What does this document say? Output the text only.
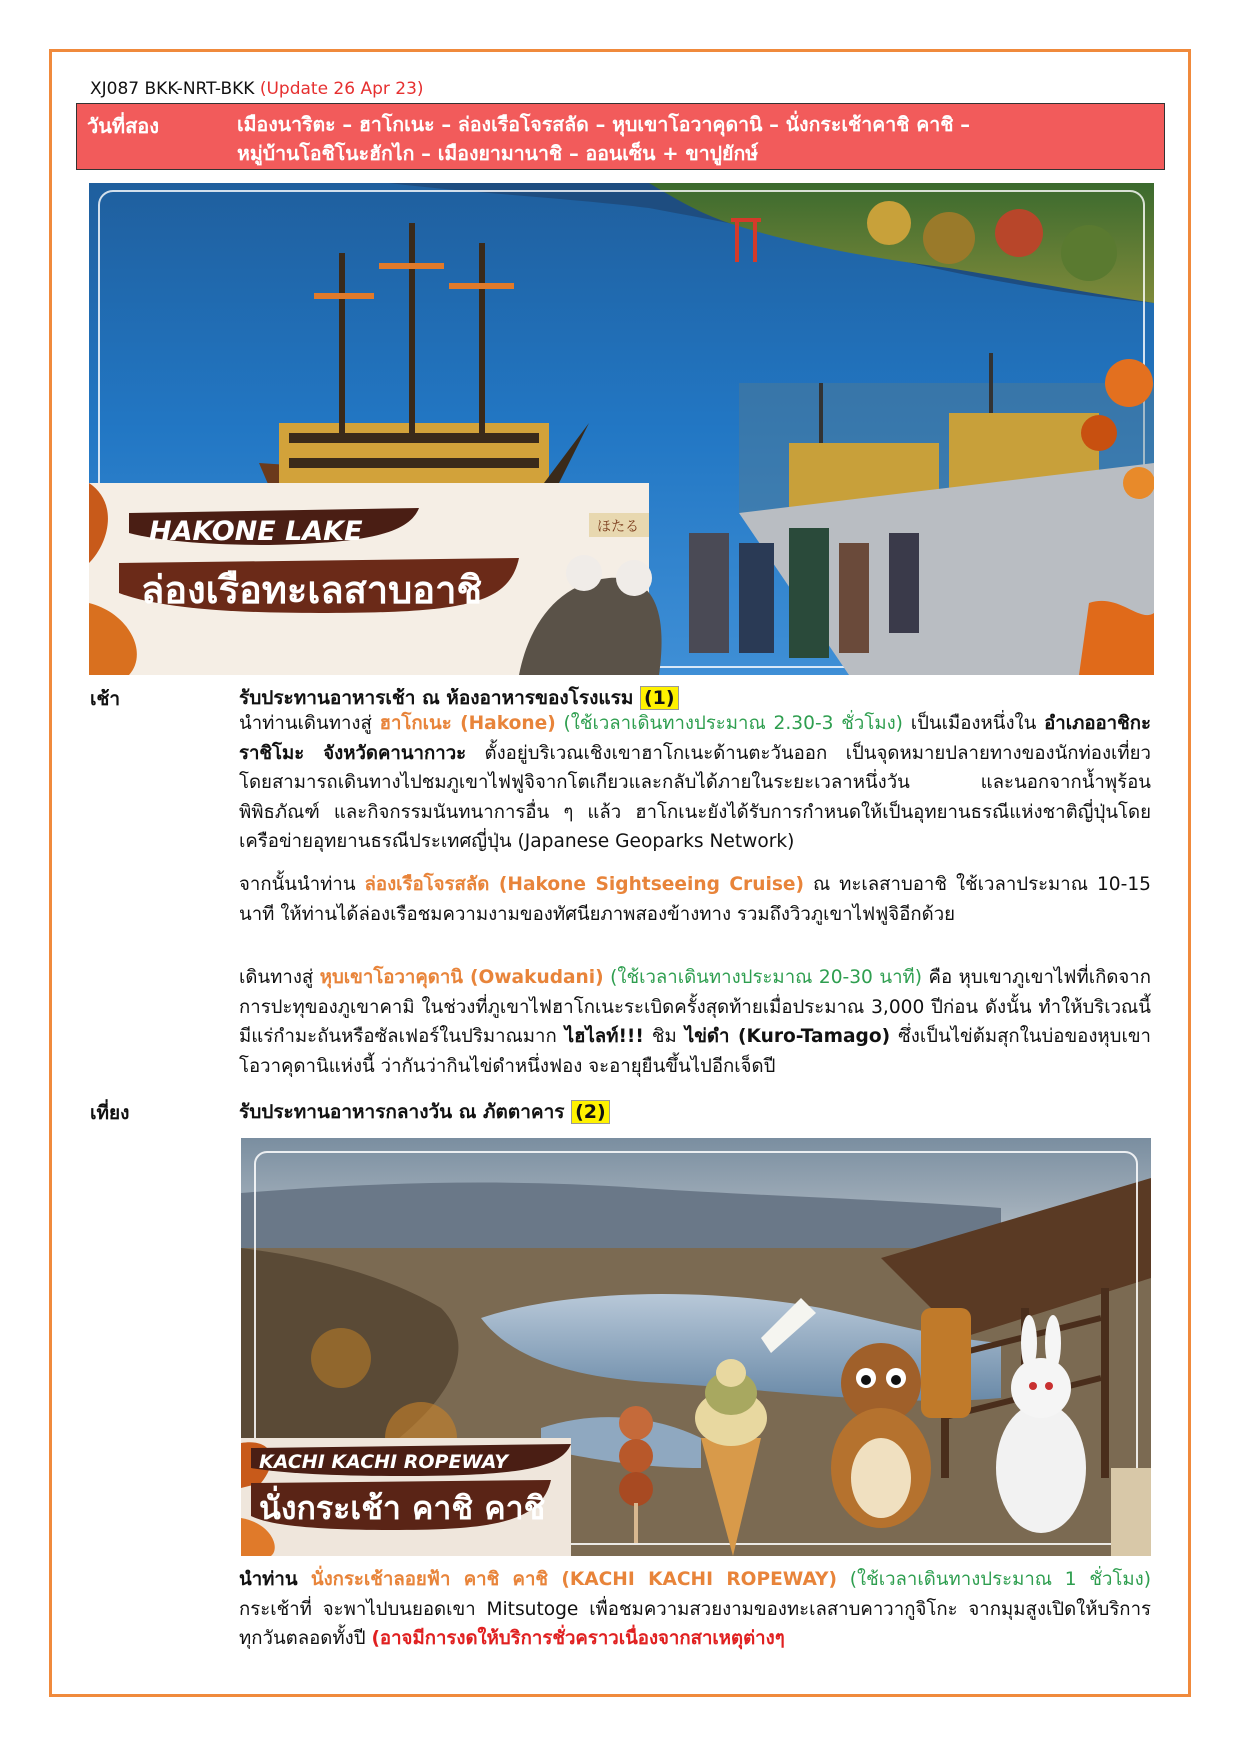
XJ087 BKK-NRT-BKK (Update 26 Apr 23)
วันที่สอง	เมืองนาริตะ – ฮาโกเนะ – ล่องเรือโจรสลัด – หุบเขาโอวาคุดานิ – นั่งกระเช้าคาชิ คาชิ –
หมู่บ้านโอชิโนะฮักไก – เมืองยามานาชิ – ออนเซ็น + ขาปูยักษ์
HAKONE LAKE
ล่องเรือทะเลสาบอาชิ
ほたる
เช้า	รับประทานอาหารเช้า ณ ห้องอาหารของโรงแรม (1)
นำท่านเดินทางสู่ ฮาโกเนะ (Hakone) (ใช้เวลาเดินทางประมาณ 2.30-3 ชั่วโมง) เป็นเมืองหนึ่งใน อำเภออาชิกะราชิโมะ จังหวัดคานากาวะ ตั้งอยู่บริเวณเชิงเขาฮาโกเนะด้านตะวันออก เป็นจุดหมายปลายทางของนักท่องเที่ยว โดยสามารถเดินทางไปชมภูเขาไฟฟูจิจากโตเกียวและกลับได้ภายในระยะเวลาหนึ่งวัน และนอกจากน้ำพุร้อน พิพิธภัณฑ์ และกิจกรรมนันทนาการอื่น ๆ แล้ว ฮาโกเนะยังได้รับการกำหนดให้เป็นอุทยานธรณีแห่งชาติญี่ปุ่นโดยเครือข่ายอุทยานธรณีประเทศญี่ปุ่น (Japanese Geoparks Network)
จากนั้นนำท่าน ล่องเรือโจรสลัด (Hakone Sightseeing Cruise) ณ ทะเลสาบอาชิ ใช้เวลาประมาณ 10-15 นาที ให้ท่านได้ล่องเรือชมความงามของทัศนียภาพสองข้างทาง รวมถึงวิวภูเขาไฟฟูจิอีกด้วย
เดินทางสู่ หุบเขาโอวาคุดานิ (Owakudani) (ใช้เวลาเดินทางประมาณ 20-30 นาที) คือ หุบเขาภูเขาไฟที่เกิดจากการปะทุของภูเขาคามิ ในช่วงที่ภูเขาไฟฮาโกเนะระเบิดครั้งสุดท้ายเมื่อประมาณ 3,000 ปีก่อน ดังนั้น ทำให้บริเวณนี้มีแร่กำมะถันหรือซัลเฟอร์ในปริมาณมาก ไฮไลท์!!! ชิม ไข่ดำ (Kuro-Tamago) ซึ่งเป็นไข่ต้มสุกในบ่อของหุบเขาโอวาคุดานิแห่งนี้ ว่ากันว่ากินไข่ดำหนึ่งฟอง จะอายุยืนขึ้นไปอีกเจ็ดปี
เที่ยง	รับประทานอาหารกลางวัน ณ ภัตตาคาร (2)
KACHI KACHI ROPEWAY
นั่งกระเช้า คาชิ คาชิ
นำท่าน นั่งกระเช้าลอยฟ้า คาชิ คาชิ (KACHI KACHI ROPEWAY) (ใช้เวลาเดินทางประมาณ 1 ชั่วโมง) กระเช้าที่ จะพาไปบนยอดเขา Mitsutoge เพื่อชมความสวยงามของทะเลสาบคาวากูจิโกะ จากมุมสูงเปิดให้บริการทุกวันตลอดทั้งปี (อาจมีการงดให้บริการชั่วคราวเนื่องจากสาเหตุต่างๆ
